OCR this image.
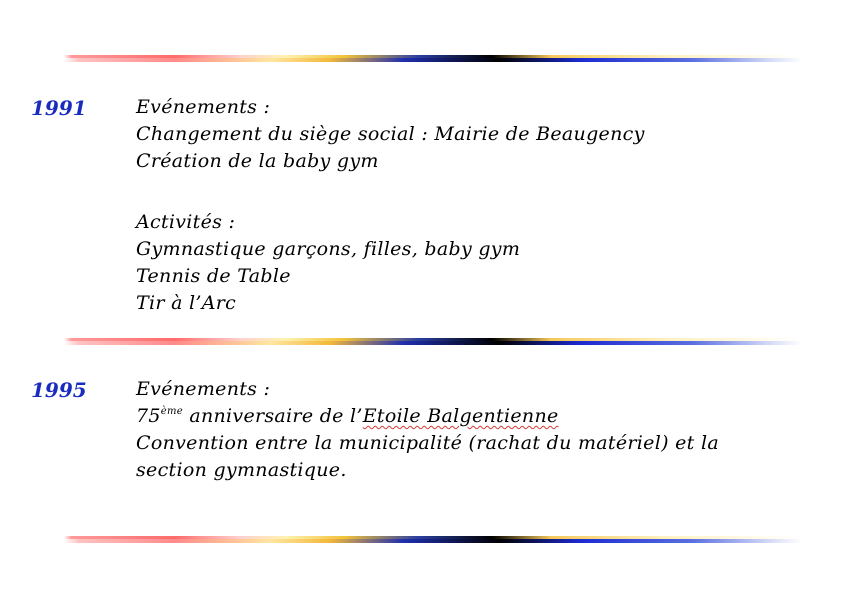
1991	Evénements :
Changement du siège social : Mairie de Beaugency
Création de la baby gym
Activités :
Gymnastique garçons, filles, baby gym
Tennis de Table
Tir à l’Arc
1995	Evénements :
75ème anniversaire de l’Etoile Balgentienne
Convention entre la municipalité (rachat du matériel) et la
section gymnastique.
